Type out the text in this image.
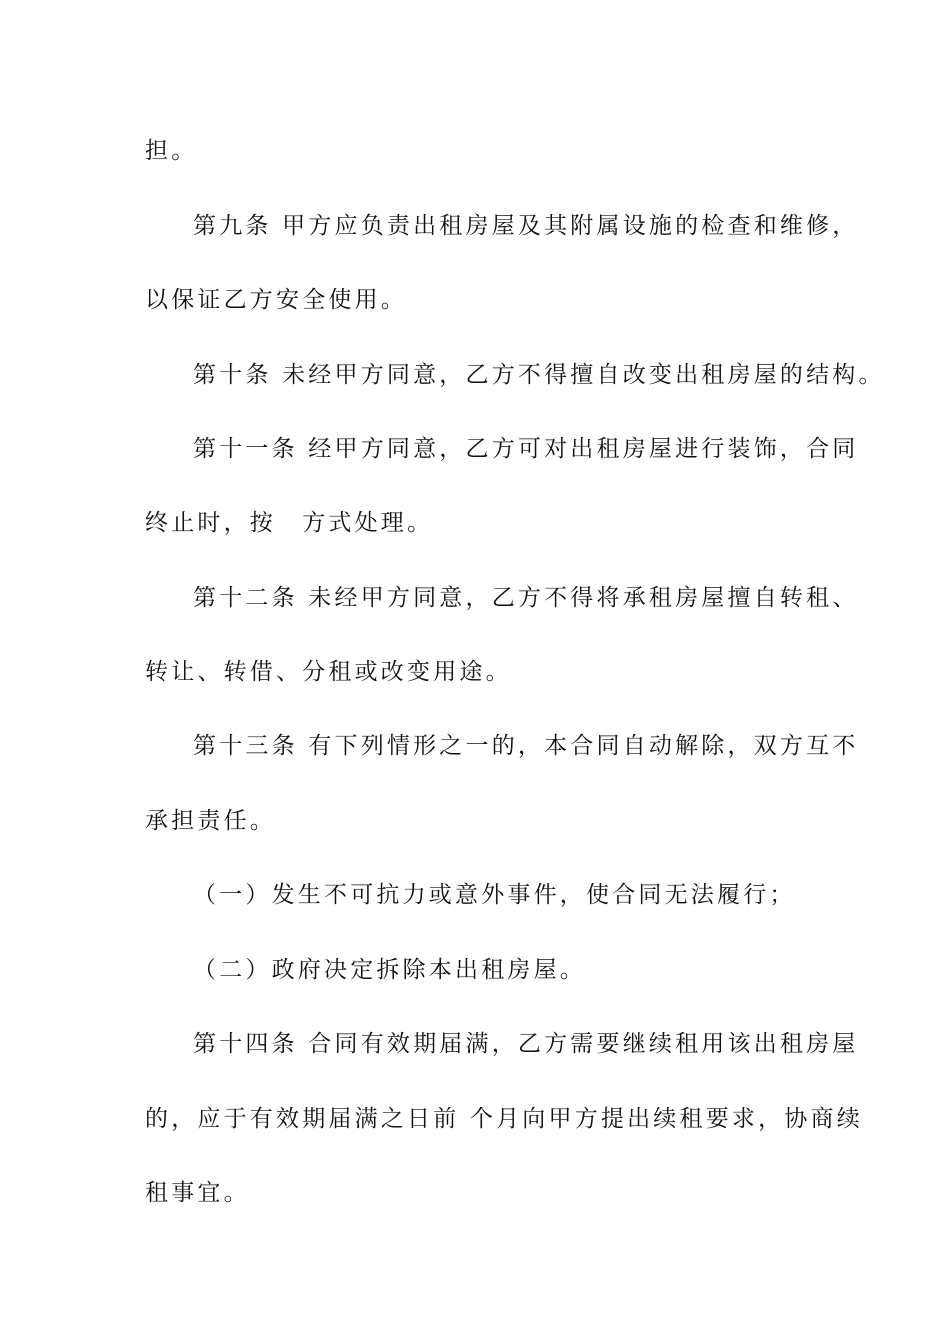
担。
第九条 甲方应负责出租房屋及其附属设施的检查和维修，
以保证乙方安全使用。
第十条 未经甲方同意，乙方不得擅自改变出租房屋的结构。
第十一条 经甲方同意，乙方可对出租房屋进行装饰，合同
终止时，按　方式处理。
第十二条 未经甲方同意，乙方不得将承租房屋擅自转租、
转让、转借、分租或改变用途。
第十三条 有下列情形之一的，本合同自动解除，双方互不
承担责任。
（一）发生不可抗力或意外事件，使合同无法履行；
（二）政府决定拆除本出租房屋。
第十四条 合同有效期届满，乙方需要继续租用该出租房屋
的，应于有效期届满之日前 个月向甲方提出续租要求，协商续
租事宜。
